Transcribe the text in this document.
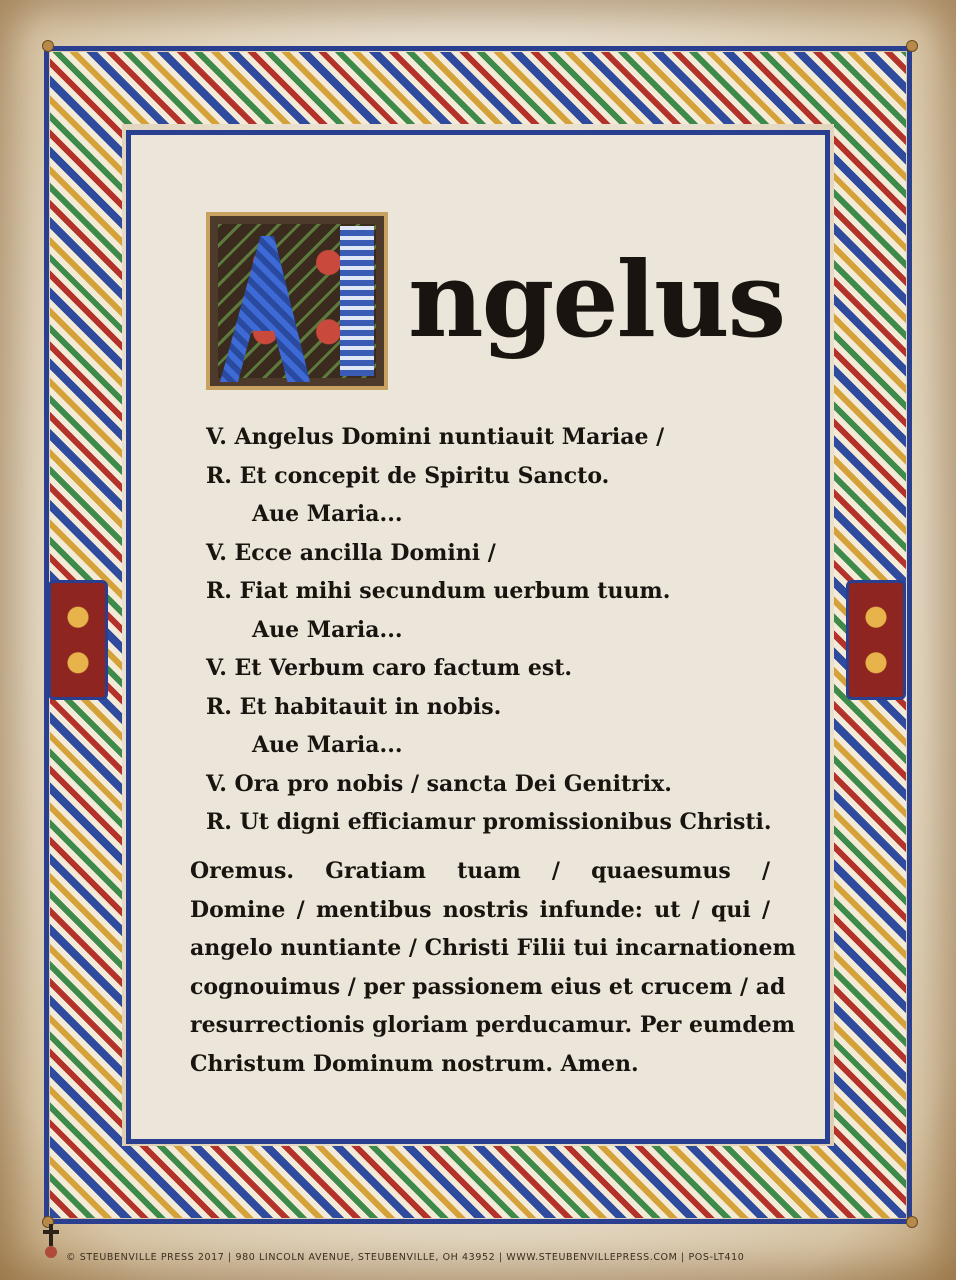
ngelus
V. Angelus Domini nuntiauit Mariae /
R. Et concepit de Spiritu Sancto.
Aue Maria...
V. Ecce ancilla Domini /
R. Fiat mihi secundum uerbum tuum.
Aue Maria...
V. Et Verbum caro factum est.
R. Et habitauit in nobis.
Aue Maria...
V. Ora pro nobis / sancta Dei Genitrix.
R. Ut digni efficiamur promissionibus Christi.
Oremus. Gratiam tuam / quaesumus /
Domine / mentibus nostris infunde: ut / qui /
angelo nuntiante / Christi Filii tui incarnationem
cognouimus / per passionem eius et crucem / ad
resurrectionis gloriam perducamur. Per eumdem
Christum Dominum nostrum. Amen.
© STEUBENVILLE PRESS 2017 | 980 LINCOLN AVENUE, STEUBENVILLE, OH 43952 | WWW.STEUBENVILLEPRESS.COM | POS-LT410
